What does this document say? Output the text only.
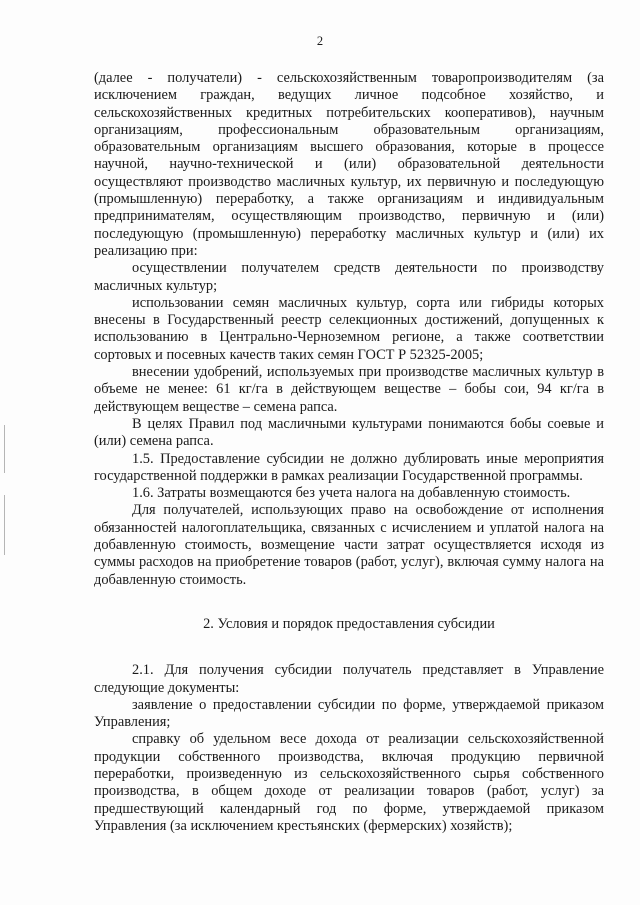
2

(далее - получатели) - сельскохозяйственным товаропроизводителям (за исключением граждан, ведущих личное подсобное хозяйство, и сельскохозяйственных кредитных потребительских кооперативов), научным организациям, профессиональным образовательным организациям, образовательным организациям высшего образования, которые в процессе научной, научно-технической и (или) образовательной деятельности осуществляют производство масличных культур, их первичную и последующую (промышленную) переработку, а также организациям и индивидуальным предпринимателям, осуществляющим производство, первичную и (или) последующую (промышленную) переработку масличных культур и (или) их реализацию при:

осуществлении получателем средств деятельности по производству масличных культур;

использовании семян масличных культур, сорта или гибриды которых внесены в Государственный реестр селекционных достижений, допущенных к использованию в Центрально-Черноземном регионе, а также соответствии сортовых и посевных качеств таких семян ГОСТ Р 52325-2005;

внесении удобрений, используемых при производстве масличных культур в объеме не менее: 61 кг/га в действующем веществе – бобы сои, 94 кг/га в действующем веществе – семена рапса.

В целях Правил под масличными культурами понимаются бобы соевые и (или) семена рапса.

1.5. Предоставление субсидии не должно дублировать иные мероприятия государственной поддержки в рамках реализации Государственной программы.

1.6. Затраты возмещаются без учета налога на добавленную стоимость.

Для получателей, использующих право на освобождение от исполнения обязанностей налогоплательщика, связанных с исчислением и уплатой налога на добавленную стоимость, возмещение части затрат осуществляется исходя из суммы расходов на приобретение товаров (работ, услуг), включая сумму налога на добавленную стоимость.

2. Условия и порядок предоставления субсидии

2.1. Для получения субсидии получатель представляет в Управление следующие документы:

заявление о предоставлении субсидии по форме, утверждаемой приказом Управления;

справку об удельном весе дохода от реализации сельскохозяйственной продукции собственного производства, включая продукцию первичной переработки, произведенную из сельскохозяйственного сырья собственного производства, в общем доходе от реализации товаров (работ, услуг) за предшествующий календарный год по форме, утверждаемой приказом Управления (за исключением крестьянских (фермерских) хозяйств);
